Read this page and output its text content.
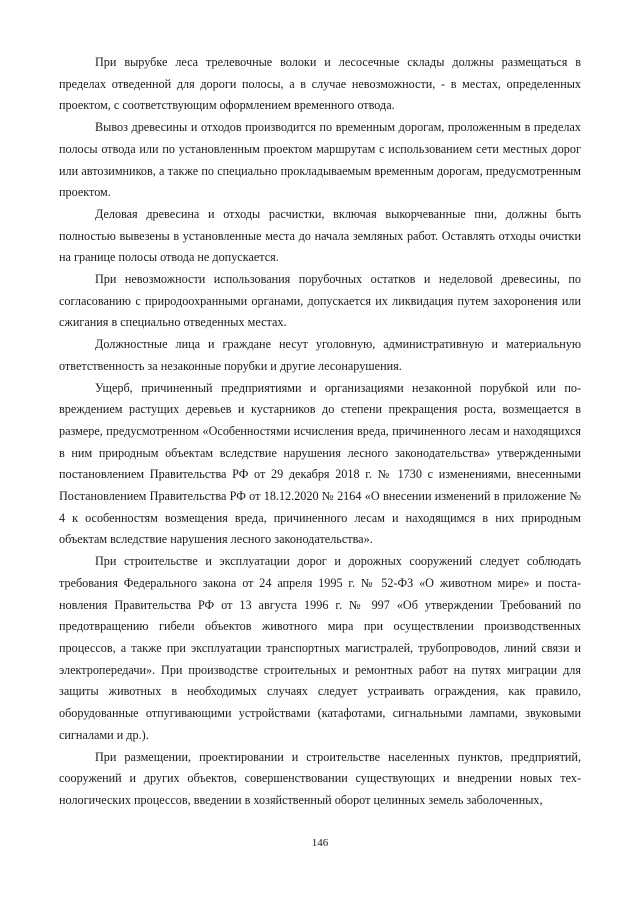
При вырубке леса трелевочные волоки и лесосечные склады должны размещаться в пределах отведенной для дороги полосы, а в случае невозможности, - в местах, определенных проектом, с соответствующим оформлением временного отвода.

Вывоз древесины и отходов производится по временным дорогам, проложенным в пределах полосы отвода или по установленным проектом маршрутам с использованием сети местных дорог или автозимников, а также по специально прокладываемым временным дорогам, предусмотренным проектом.

Деловая древесина и отходы расчистки, включая выкорчеванные пни, должны быть полностью вывезены в установленные места до начала земляных работ. Оставлять отходы очистки на границе полосы отвода не допускается.

При невозможности использования порубочных остатков и неделовой древесины, по согласованию с природоохранными органами, допускается их ликвидация путем захоронения или сжигания в специально отведенных местах.

Должностные лица и граждане несут уголовную, административную и материальную ответственность за незаконные порубки и другие лесонарушения.

Ущерб, причиненный предприятиями и организациями незаконной порубкой или повреждением растущих деревьев и кустарников до степени прекращения роста, возмещается в размере, предусмотренном «Особенностями исчисления вреда, причиненного лесам и находящихся в ним природным объектам вследствие нарушения лесного законодательства» утвержденными постановлением Правительства РФ от 29 декабря 2018 г. № 1730 с изменениями, внесенными Постановлением Правительства РФ от 18.12.2020 № 2164 «О внесении изменений в приложение № 4 к особенностям возмещения вреда, причиненного лесам и находящимся в них природным объектам вследствие нарушения лесного законодательства».

При строительстве и эксплуатации дорог и дорожных сооружений следует соблюдать требования Федерального закона от 24 апреля 1995 г. № 52-ФЗ «О животном мире» и постановления Правительства РФ от 13 августа 1996 г. № 997 «Об утверждении Требований по предотвращению гибели объектов животного мира при осуществлении производственных процессов, а также при эксплуатации транспортных магистралей, трубопроводов, линий связи и электропередачи». При производстве строительных и ремонтных работ на путях миграции для защиты животных в необходимых случаях следует устраивать ограждения, как правило, оборудованные отпугивающими устройствами (катафотами, сигнальными лампами, звуковыми сигналами и др.).

При размещении, проектировании и строительстве населенных пунктов, предприятий, сооружений и других объектов, совершенствовании существующих и внедрении новых технологических процессов, введении в хозяйственный оборот целинных земель заболоченных,

146
